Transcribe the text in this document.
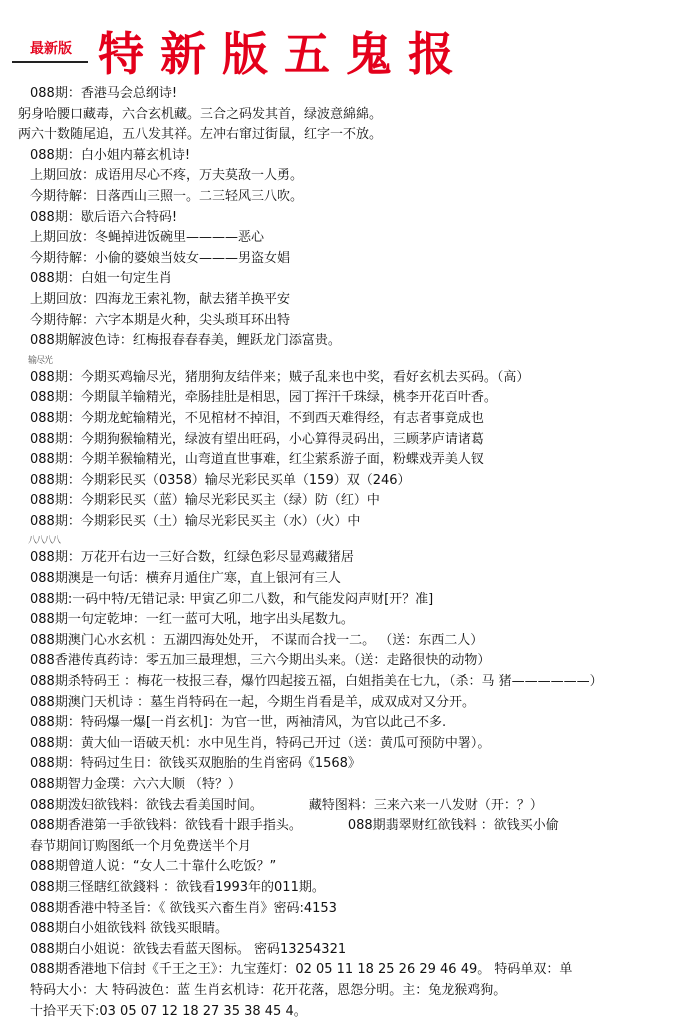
最新版 特新版五鬼报
088期：香港马会总纲诗!
躬身哈腰口藏毒，六合玄机藏。三合之码发其首，绿波意綿綿。
两六十数随尾追，五八发其祥。左冲右窜过街鼠，红字一不放。
088期：白小姐内幕玄机诗!
上期回放：成语用尽心不疼，万夫莫敌一人勇。
今期待解：日落西山三照一。二三轻风三八吹。
088期：歇后语六合特码!
上期回放：冬蝇掉进饭碗里————恶心
今期待解：小偷的婆娘当妓女———男盗女娼
088期：白姐一句定生肖
上期回放：四海龙王索礼物，献去猪羊换平安
今期待解：六字本期是火种，尖头琐耳环出特
088期解波色诗：红梅报春春春美，鲤跃龙门添富贵。
输尽光
088期：今期买鸡输尽光，猪朋狗友结伴来；贼子乱来也中奖，看好玄机去买码。（高）
088期：今期鼠羊输精光，牵肠挂肚是相思，园丁挥汗千珠绿，桃李开花百叶香。
088期：今期龙蛇输精光，不见棺材不掉泪，不到西天难得经，有志者事竟成也
088期：今期狗猴输精光，绿波有望出旺码，小心算得灵码出，三顾茅庐请诸葛
088期：今期羊猴输精光，山弯道直世事难，红尘萦系游子面，粉蝶戏弄美人钗
088期：今期彩民买（0358）输尽光彩民买单（159）双（246）
088期：今期彩民买（蓝）输尽光彩民买主（绿）防（红）中
088期：今期彩民买（土）输尽光彩民买主（水）（火）中
八八八八
088期：万花开右边一三好合数，红绿色彩尽显鸡藏猪居
088期澳是一句话：横弃月遁住广寒，直上银河有三人
088期:一码中特/无错记录: 甲寅乙卯二八数，和气能发闷声财[开？准]
088期一句定乾坤：一红一蓝可大吼，地字出头尾数九。
088期澳门心水玄机 ：五湖四海处处开， 不谋而合找一二。 （送：东西二人）
088香港传真药诗：零五加三最理想，三六今期出头来。（送：走路很快的动物）
088期杀特码王 ：梅花一枝报三春，爆竹四起接五福，白姐指美在七九，（杀：马 猪——————）
088期澳门天机诗 ：墓生肖特码在一起，今期生肖看是羊，成双成对又分开。
088期：特码爆一爆[一肖玄机]：为官一世，两袖清风，为官以此己不多.
088期：黄大仙一语破天机：水中见生肖，特码己开过（送：黄瓜可预防中署）。
088期：特码过生日：欲钱买双胞胎的生肖密码《1568》
088期智力金璞：六六大顺 （特？）
088期泼妇欲钱料：欲钱去看美国时间。	藏特图料：三来六来一八发财（开：？）
088期香港第一手欲钱料：欲钱看十跟手指头。	088期翡翠财红欲钱料 ：欲钱买小偷
春节期间订购图纸一个月免费送半个月
088期曾道人说：“女人二十靠什么吃饭？”
088期三怪瞎红欲錢料 ：欲钱看1993年的011期。
088期香港中特圣旨：《 欲钱买六畜生肖》密码:4153
088期白小姐欲钱料 欲钱买眼睛。
088期白小姐说：欲钱去看蓝天图标。 密码13254321
088期香港地下信封《千王之王》：九宝莲灯：02 05 11 18 25 26 29 46 49。 特码单双：单
特码大小：大 特码波色：蓝 生肖玄机诗：花开花落，恩怨分明。主：兔龙猴鸡狗。
十拾平天下:03 05 07 12 18 27 35 38 45 4。
